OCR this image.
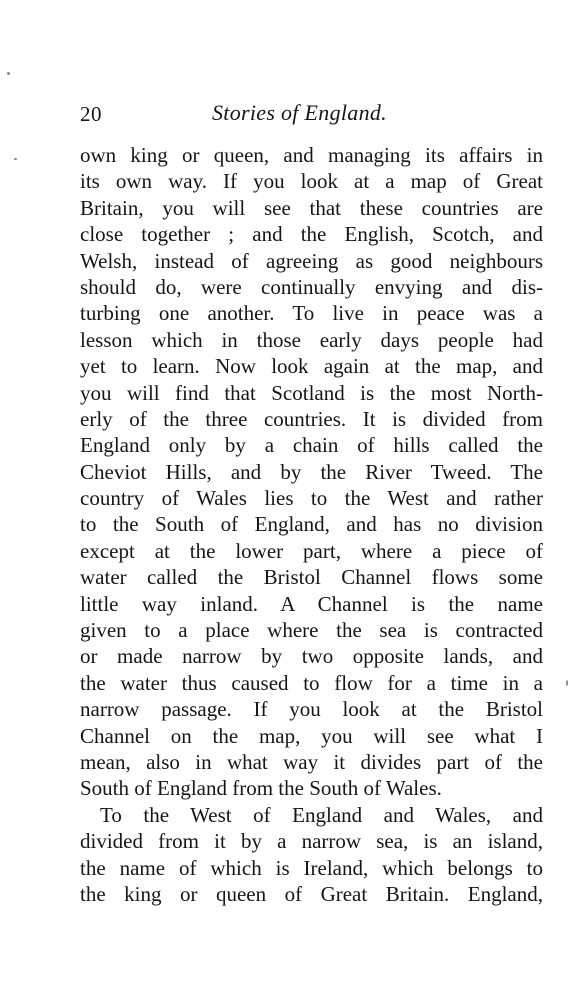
20	Stories of England.
own king or queen, and managing its affairs in
its own way. If you look at a map of Great
Britain, you will see that these countries are
close together ; and the English, Scotch, and
Welsh, instead of agreeing as good neighbours
should do, were continually envying and dis-
turbing one another. To live in peace was a
lesson which in those early days people had
yet to learn. Now look again at the map, and
you will find that Scotland is the most North-
erly of the three countries. It is divided from
England only by a chain of hills called the
Cheviot Hills, and by the River Tweed. The
country of Wales lies to the West and rather
to the South of England, and has no division
except at the lower part, where a piece of
water called the Bristol Channel flows some
little way inland. A Channel is the name
given to a place where the sea is contracted
or made narrow by two opposite lands, and
the water thus caused to flow for a time in a
narrow passage. If you look at the Bristol
Channel on the map, you will see what I
mean, also in what way it divides part of the
South of England from the South of Wales.
To the West of England and Wales, and
divided from it by a narrow sea, is an island,
the name of which is Ireland, which belongs to
the king or queen of Great Britain. England,
